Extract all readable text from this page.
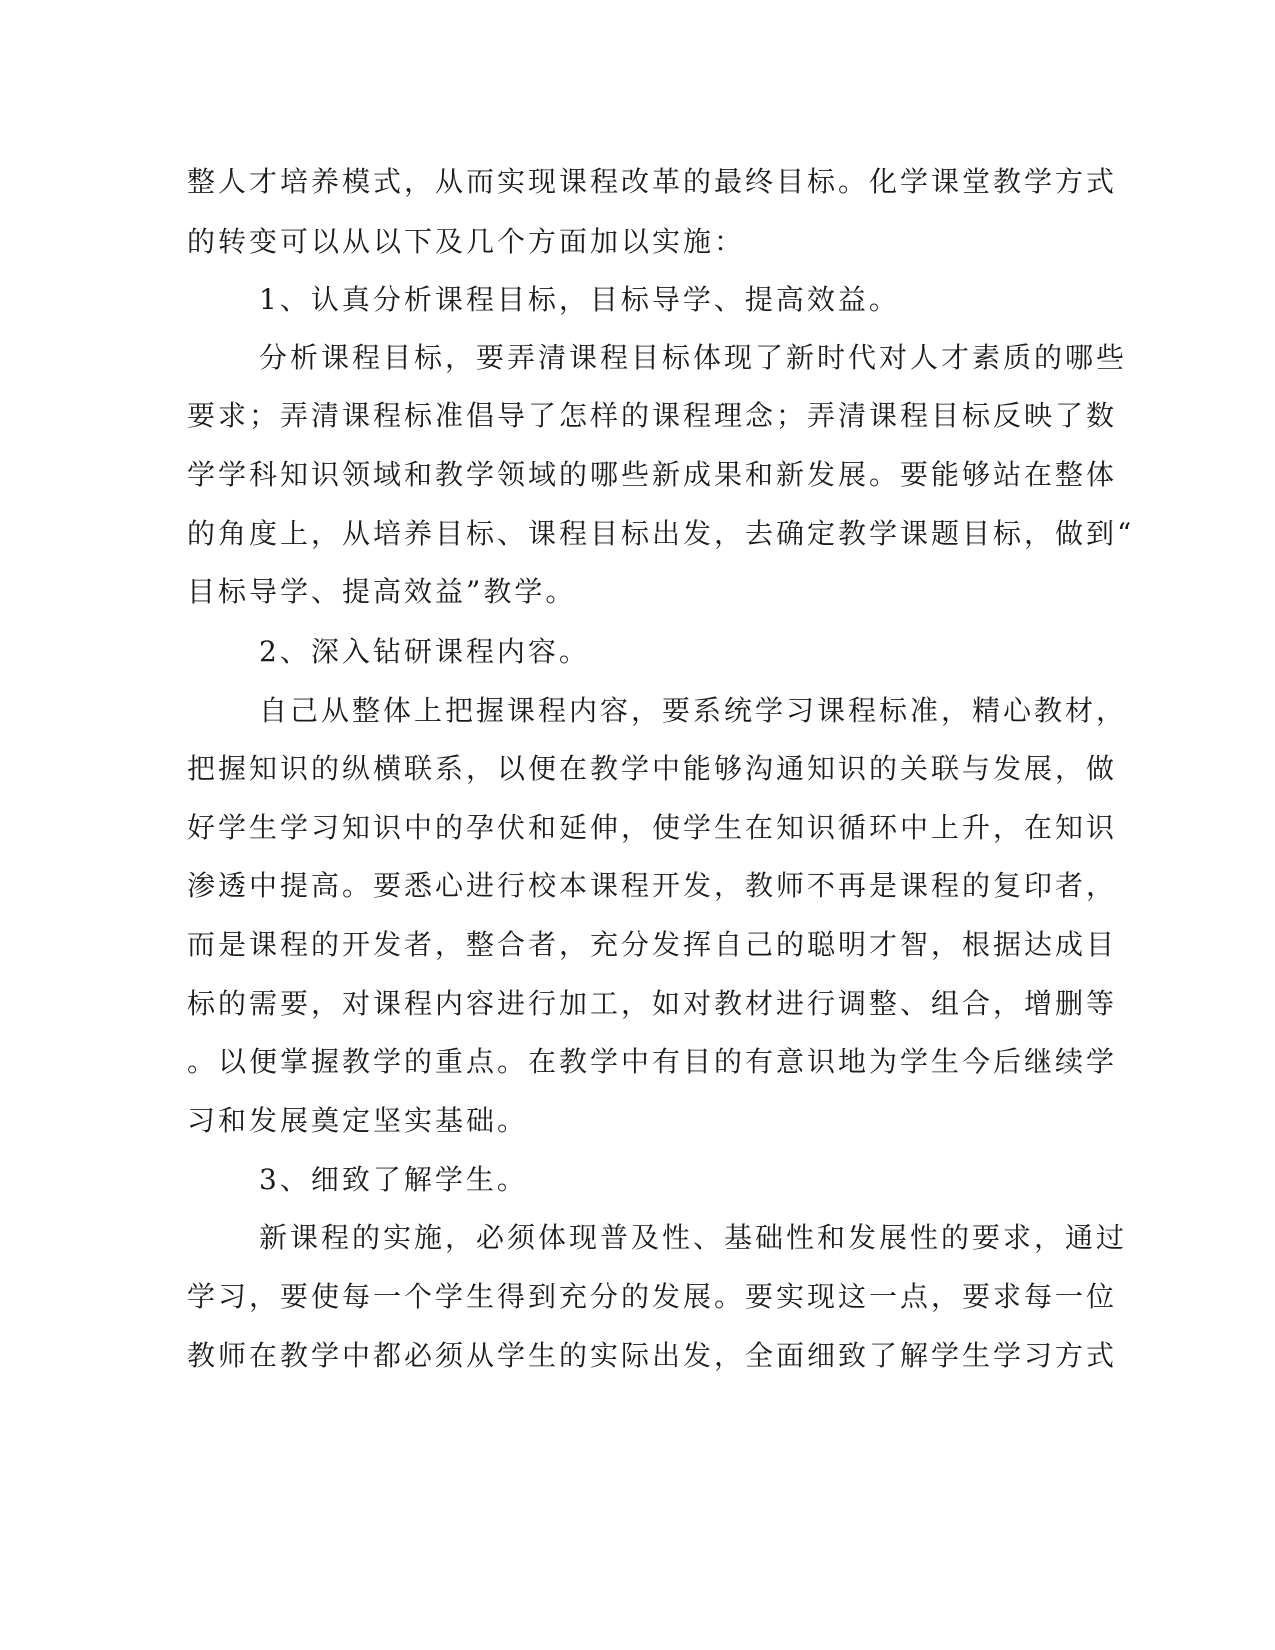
整人才培养模式，从而实现课程改革的最终目标。化学课堂教学方式
的转变可以从以下及几个方面加以实施：
1、认真分析课程目标，目标导学、提高效益。
分析课程目标，要弄清课程目标体现了新时代对人才素质的哪些
要求；弄清课程标准倡导了怎样的课程理念；弄清课程目标反映了数
学学科知识领域和教学领域的哪些新成果和新发展。要能够站在整体
的角度上，从培养目标、课程目标出发，去确定教学课题目标，做到“
目标导学、提高效益”教学。
2、深入钻研课程内容。
自己从整体上把握课程内容，要系统学习课程标准，精心教材，
把握知识的纵横联系，以便在教学中能够沟通知识的关联与发展，做
好学生学习知识中的孕伏和延伸，使学生在知识循环中上升，在知识
渗透中提高。要悉心进行校本课程开发，教师不再是课程的复印者，
而是课程的开发者，整合者，充分发挥自己的聪明才智，根据达成目
标的需要，对课程内容进行加工，如对教材进行调整、组合，增删等
。以便掌握教学的重点。在教学中有目的有意识地为学生今后继续学
习和发展奠定坚实基础。
3、细致了解学生。
新课程的实施，必须体现普及性、基础性和发展性的要求，通过
学习，要使每一个学生得到充分的发展。要实现这一点，要求每一位
教师在教学中都必须从学生的实际出发，全面细致了解学生学习方式
